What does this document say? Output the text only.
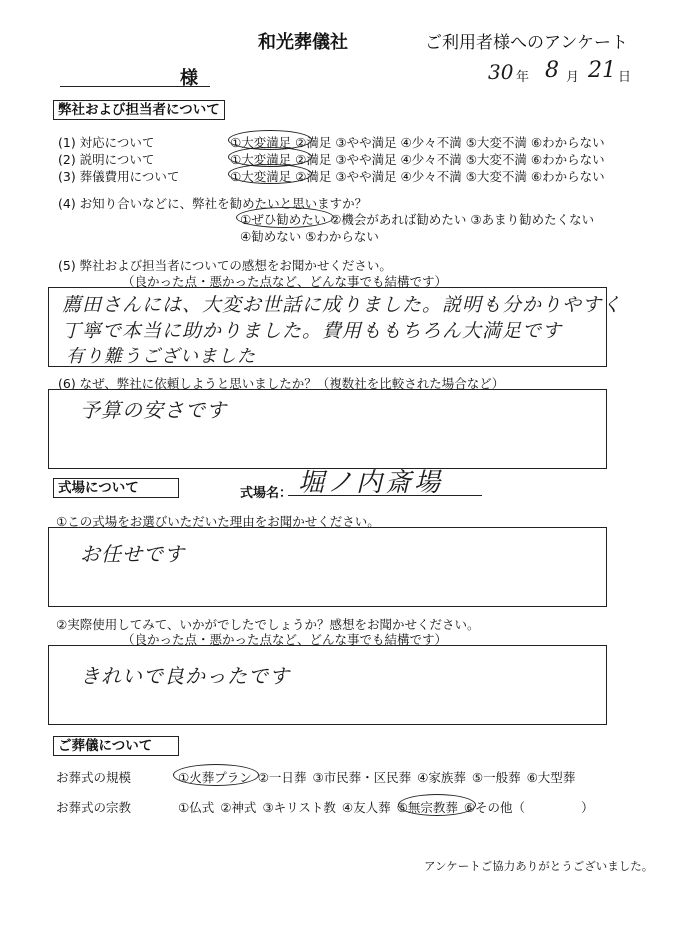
和光葬儀社	ご利用者様へのアンケート
様	30 年 8 月 21 日
弊社および担当者について
(1) 対応について	①大変満足 ②満足 ③やや満足 ④少々不満 ⑤大変不満 ⑥わからない
(2) 説明について	①大変満足 ②満足 ③やや満足 ④少々不満 ⑤大変不満 ⑥わからない
(3) 葬儀費用について	①大変満足 ②満足 ③やや満足 ④少々不満 ⑤大変不満 ⑥わからない
(4) お知り合いなどに、弊社を勧めたいと思いますか？
①ぜひ勧めたい ②機会があれば勧めたい ③あまり勧めたくない
④勧めない ⑤わからない
(5) 弊社および担当者についての感想をお聞かせください。
（良かった点・悪かった点など、どんな事でも結構です）
薦田さんには、大変お世話に成りました。説明も分かりやすく
丁寧で本当に助かりました。費用ももちろん大満足です
有り難うございました
(6) なぜ、弊社に依頼しようと思いましたか？（複数社を比較された場合など）
予算の安さです
式場について	式場名： 堀ノ内斎場
①この式場をお選びいただいた理由をお聞かせください。
お任せです
②実際使用してみて、いかがでしたでしょうか？感想をお聞かせください。
（良かった点・悪かった点など、どんな事でも結構です）
きれいで良かったです
ご葬儀について
お葬式の規模	①火葬プラン ②一日葬 ③市民葬・区民葬 ④家族葬 ⑤一般葬 ⑥大型葬
お葬式の宗教	①仏式 ②神式 ③キリスト教 ④友人葬 ⑤無宗教葬 ⑥その他（	）
アンケートご協力ありがとうございました。
